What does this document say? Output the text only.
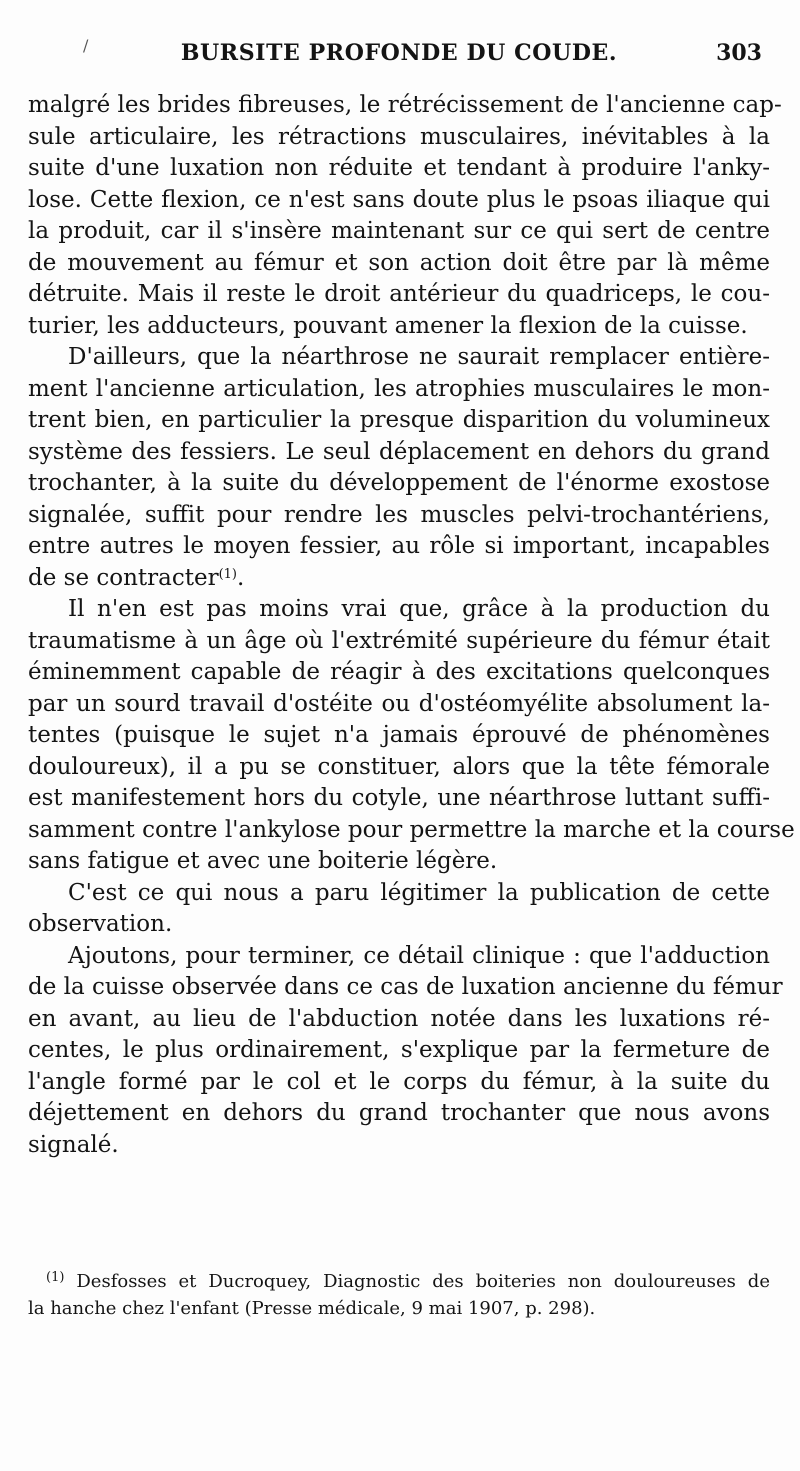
BURSITE PROFONDE DU COUDE.	303
/
malgré les brides fibreuses, le rétrécissement de l'ancienne cap-
sule articulaire, les rétractions musculaires, inévitables à la
suite d'une luxation non réduite et tendant à produire l'anky-
lose. Cette flexion, ce n'est sans doute plus le psoas iliaque qui
la produit, car il s'insère maintenant sur ce qui sert de centre
de mouvement au fémur et son action doit être par là même
détruite. Mais il reste le droit antérieur du quadriceps, le cou-
turier, les adducteurs, pouvant amener la flexion de la cuisse.
D'ailleurs, que la néarthrose ne saurait remplacer entière-
ment l'ancienne articulation, les atrophies musculaires le mon-
trent bien, en particulier la presque disparition du volumineux
système des fessiers. Le seul déplacement en dehors du grand
trochanter, à la suite du développement de l'énorme exostose
signalée, suffit pour rendre les muscles pelvi-trochantériens,
entre autres le moyen fessier, au rôle si important, incapables
de se contracter$^{(1)}$.
Il n'en est pas moins vrai que, grâce à la production du
traumatisme à un âge où l'extrémité supérieure du fémur était
éminemment capable de réagir à des excitations quelconques
par un sourd travail d'ostéite ou d'ostéomyélite absolument la-
tentes (puisque le sujet n'a jamais éprouvé de phénomènes
douloureux), il a pu se constituer, alors que la tête fémorale
est manifestement hors du cotyle, une néarthrose luttant suffi-
samment contre l'ankylose pour permettre la marche et la course
sans fatigue et avec une boiterie légère.
C'est ce qui nous a paru légitimer la publication de cette
observation.
Ajoutons, pour terminer, ce détail clinique : que l'adduction
de la cuisse observée dans ce cas de luxation ancienne du fémur
en avant, au lieu de l'abduction notée dans les luxations ré-
centes, le plus ordinairement, s'explique par la fermeture de
l'angle formé par le col et le corps du fémur, à la suite du
déjettement en dehors du grand trochanter que nous avons
signalé.
$^{(1)}$ Desfosses et Ducroquey, Diagnostic des boiteries non douloureuses de
la hanche chez l'enfant (Presse médicale, 9 mai 1907, p. 298).
